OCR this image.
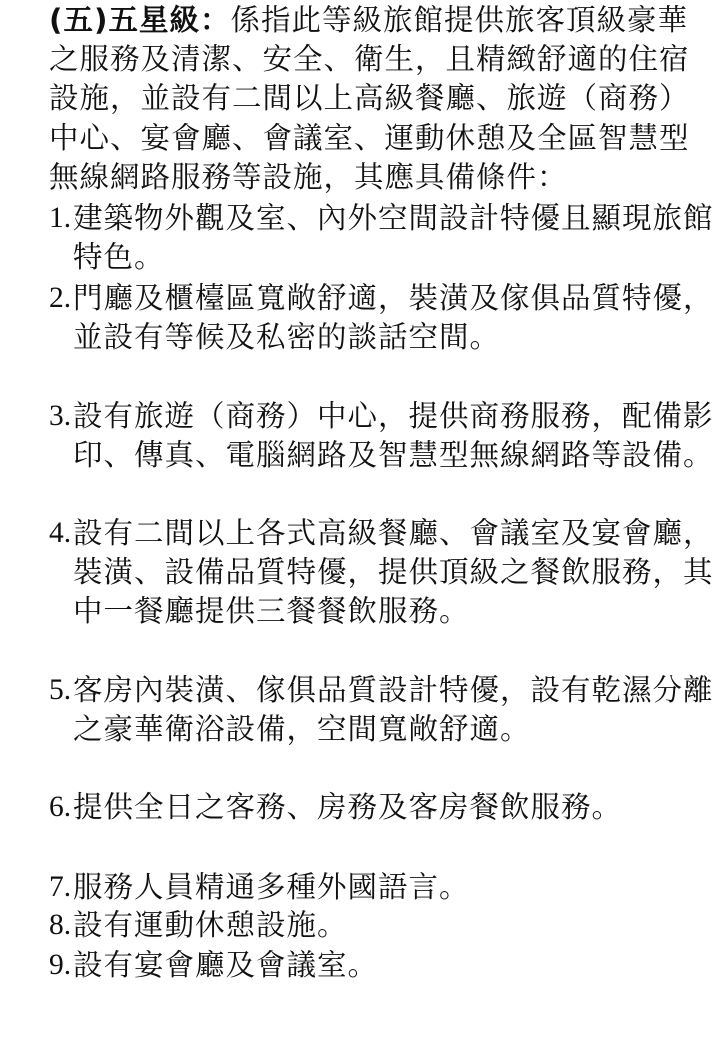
(五)五星級：係指此等級旅館提供旅客頂級豪華之服務及清潔、安全、衛生，且精緻舒適的住宿設施，並設有二間以上高級餐廳、旅遊（商務）中心、宴會廳、會議室、運動休憩及全區智慧型無線網路服務等設施，其應具備條件：

1. 建築物外觀及室、內外空間設計特優且顯現旅館特色。
2. 門廳及櫃檯區寬敞舒適，裝潢及傢俱品質特優，並設有等候及私密的談話空間。
3. 設有旅遊（商務）中心，提供商務服務，配備影印、傳真、電腦網路及智慧型無線網路等設備。
4. 設有二間以上各式高級餐廳、會議室及宴會廳，裝潢、設備品質特優，提供頂級之餐飲服務，其中一餐廳提供三餐餐飲服務。
5. 客房內裝潢、傢俱品質設計特優，設有乾濕分離之豪華衛浴設備，空間寬敞舒適。
6. 提供全日之客務、房務及客房餐飲服務。
7. 服務人員精通多種外國語言。
8. 設有運動休憩設施。
9. 設有宴會廳及會議室。
